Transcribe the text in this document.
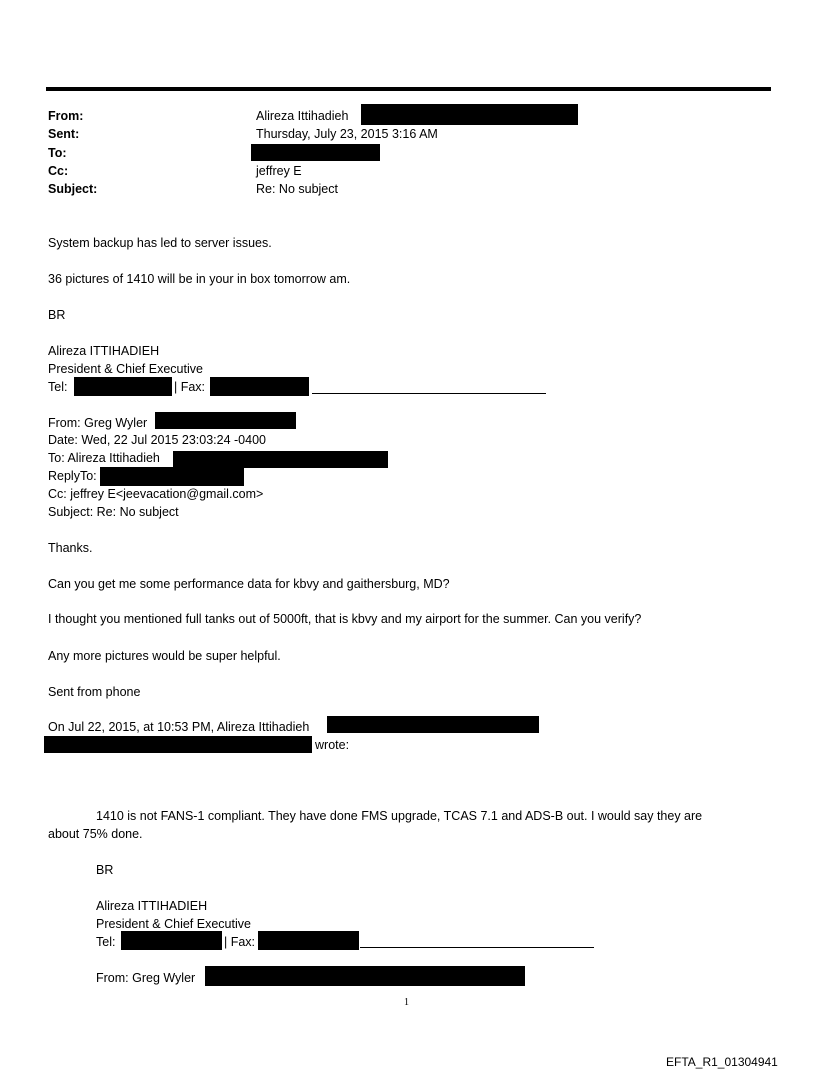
From:	Alireza Ittihadieh
Sent:	Thursday, July 23, 2015 3:16 AM
To:
Cc:	jeffrey E
Subject:	Re: No subject
System backup has led to server issues.
36 pictures of 1410 will be in your in box tomorrow am.
BR
Alireza ITTIHADIEH
President & Chief Executive
Tel:	| Fax:
From: Greg Wyler
Date: Wed, 22 Jul 2015 23:03:24 -0400
To: Alireza Ittihadieh
ReplyTo:
Cc: jeffrey E<jeevacation@gmail.com>
Subject: Re: No subject
Thanks.
Can you get me some performance data for kbvy and gaithersburg, MD?
I thought you mentioned full tanks out of 5000ft, that is kbvy and my airport for the summer. Can you verify?
Any more pictures would be super helpful.
Sent from phone
On Jul 22, 2015, at 10:53 PM, Alireza Ittihadieh
wrote:
1410 is not FANS-1 compliant. They have done FMS upgrade, TCAS 7.1 and ADS-B out. I would say they are
about 75% done.
BR
Alireza ITTIHADIEH
President & Chief Executive
Tel:	| Fax:
From: Greg Wyler
1
EFTA_R1_01304941
